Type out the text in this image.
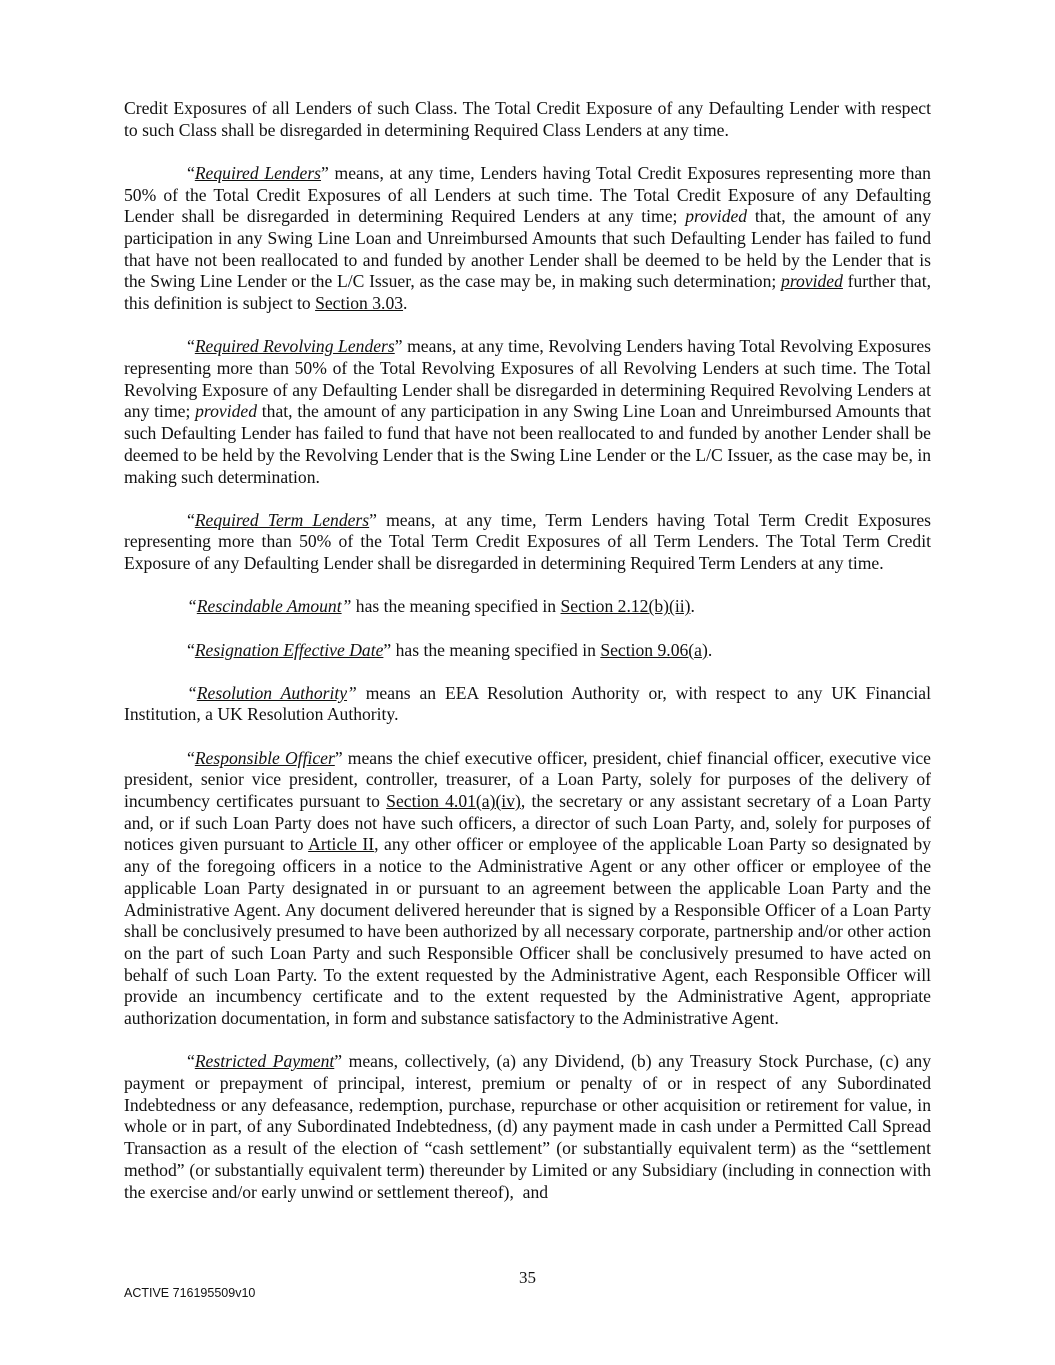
Credit Exposures of all Lenders of such Class. The Total Credit Exposure of any Defaulting Lender with respect to such Class shall be disregarded in determining Required Class Lenders at any time.

“Required Lenders” means, at any time, Lenders having Total Credit Exposures representing more than 50% of the Total Credit Exposures of all Lenders at such time. The Total Credit Exposure of any Defaulting Lender shall be disregarded in determining Required Lenders at any time; provided that, the amount of any participation in any Swing Line Loan and Unreimbursed Amounts that such Defaulting Lender has failed to fund that have not been reallocated to and funded by another Lender shall be deemed to be held by the Lender that is the Swing Line Lender or the L/C Issuer, as the case may be, in making such determination; provided further that, this definition is subject to Section 3.03.

“Required Revolving Lenders” means, at any time, Revolving Lenders having Total Revolving Exposures representing more than 50% of the Total Revolving Exposures of all Revolving Lenders at such time. The Total Revolving Exposure of any Defaulting Lender shall be disregarded in determining Required Revolving Lenders at any time; provided that, the amount of any participation in any Swing Line Loan and Unreimbursed Amounts that such Defaulting Lender has failed to fund that have not been reallocated to and funded by another Lender shall be deemed to be held by the Revolving Lender that is the Swing Line Lender or the L/C Issuer, as the case may be, in making such determination.

“Required Term Lenders” means, at any time, Term Lenders having Total Term Credit Exposures representing more than 50% of the Total Term Credit Exposures of all Term Lenders. The Total Term Credit Exposure of any Defaulting Lender shall be disregarded in determining Required Term Lenders at any time.

“Rescindable Amount” has the meaning specified in Section 2.12(b)(ii).

“Resignation Effective Date” has the meaning specified in Section 9.06(a).

“Resolution Authority” means an EEA Resolution Authority or, with respect to any UK Financial Institution, a UK Resolution Authority.

“Responsible Officer” means the chief executive officer, president, chief financial officer, executive vice president, senior vice president, controller, treasurer, of a Loan Party, solely for purposes of the delivery of incumbency certificates pursuant to Section 4.01(a)(iv), the secretary or any assistant secretary of a Loan Party and, or if such Loan Party does not have such officers, a director of such Loan Party, and, solely for purposes of notices given pursuant to Article II, any other officer or employee of the applicable Loan Party so designated by any of the foregoing officers in a notice to the Administrative Agent or any other officer or employee of the applicable Loan Party designated in or pursuant to an agreement between the applicable Loan Party and the Administrative Agent. Any document delivered hereunder that is signed by a Responsible Officer of a Loan Party shall be conclusively presumed to have been authorized by all necessary corporate, partnership and/or other action on the part of such Loan Party and such Responsible Officer shall be conclusively presumed to have acted on behalf of such Loan Party. To the extent requested by the Administrative Agent, each Responsible Officer will provide an incumbency certificate and to the extent requested by the Administrative Agent, appropriate authorization documentation, in form and substance satisfactory to the Administrative Agent.

“Restricted Payment” means, collectively, (a) any Dividend, (b) any Treasury Stock Purchase, (c) any payment or prepayment of principal, interest, premium or penalty of or in respect of any Subordinated Indebtedness or any defeasance, redemption, purchase, repurchase or other acquisition or retirement for value, in whole or in part, of any Subordinated Indebtedness, (d) any payment made in cash under a Permitted Call Spread Transaction as a result of the election of “cash settlement” (or substantially equivalent term) as the “settlement method” (or substantially equivalent term) thereunder by Limited or any Subsidiary (including in connection with the exercise and/or early unwind or settlement thereof),  and

35
ACTIVE 716195509v10
